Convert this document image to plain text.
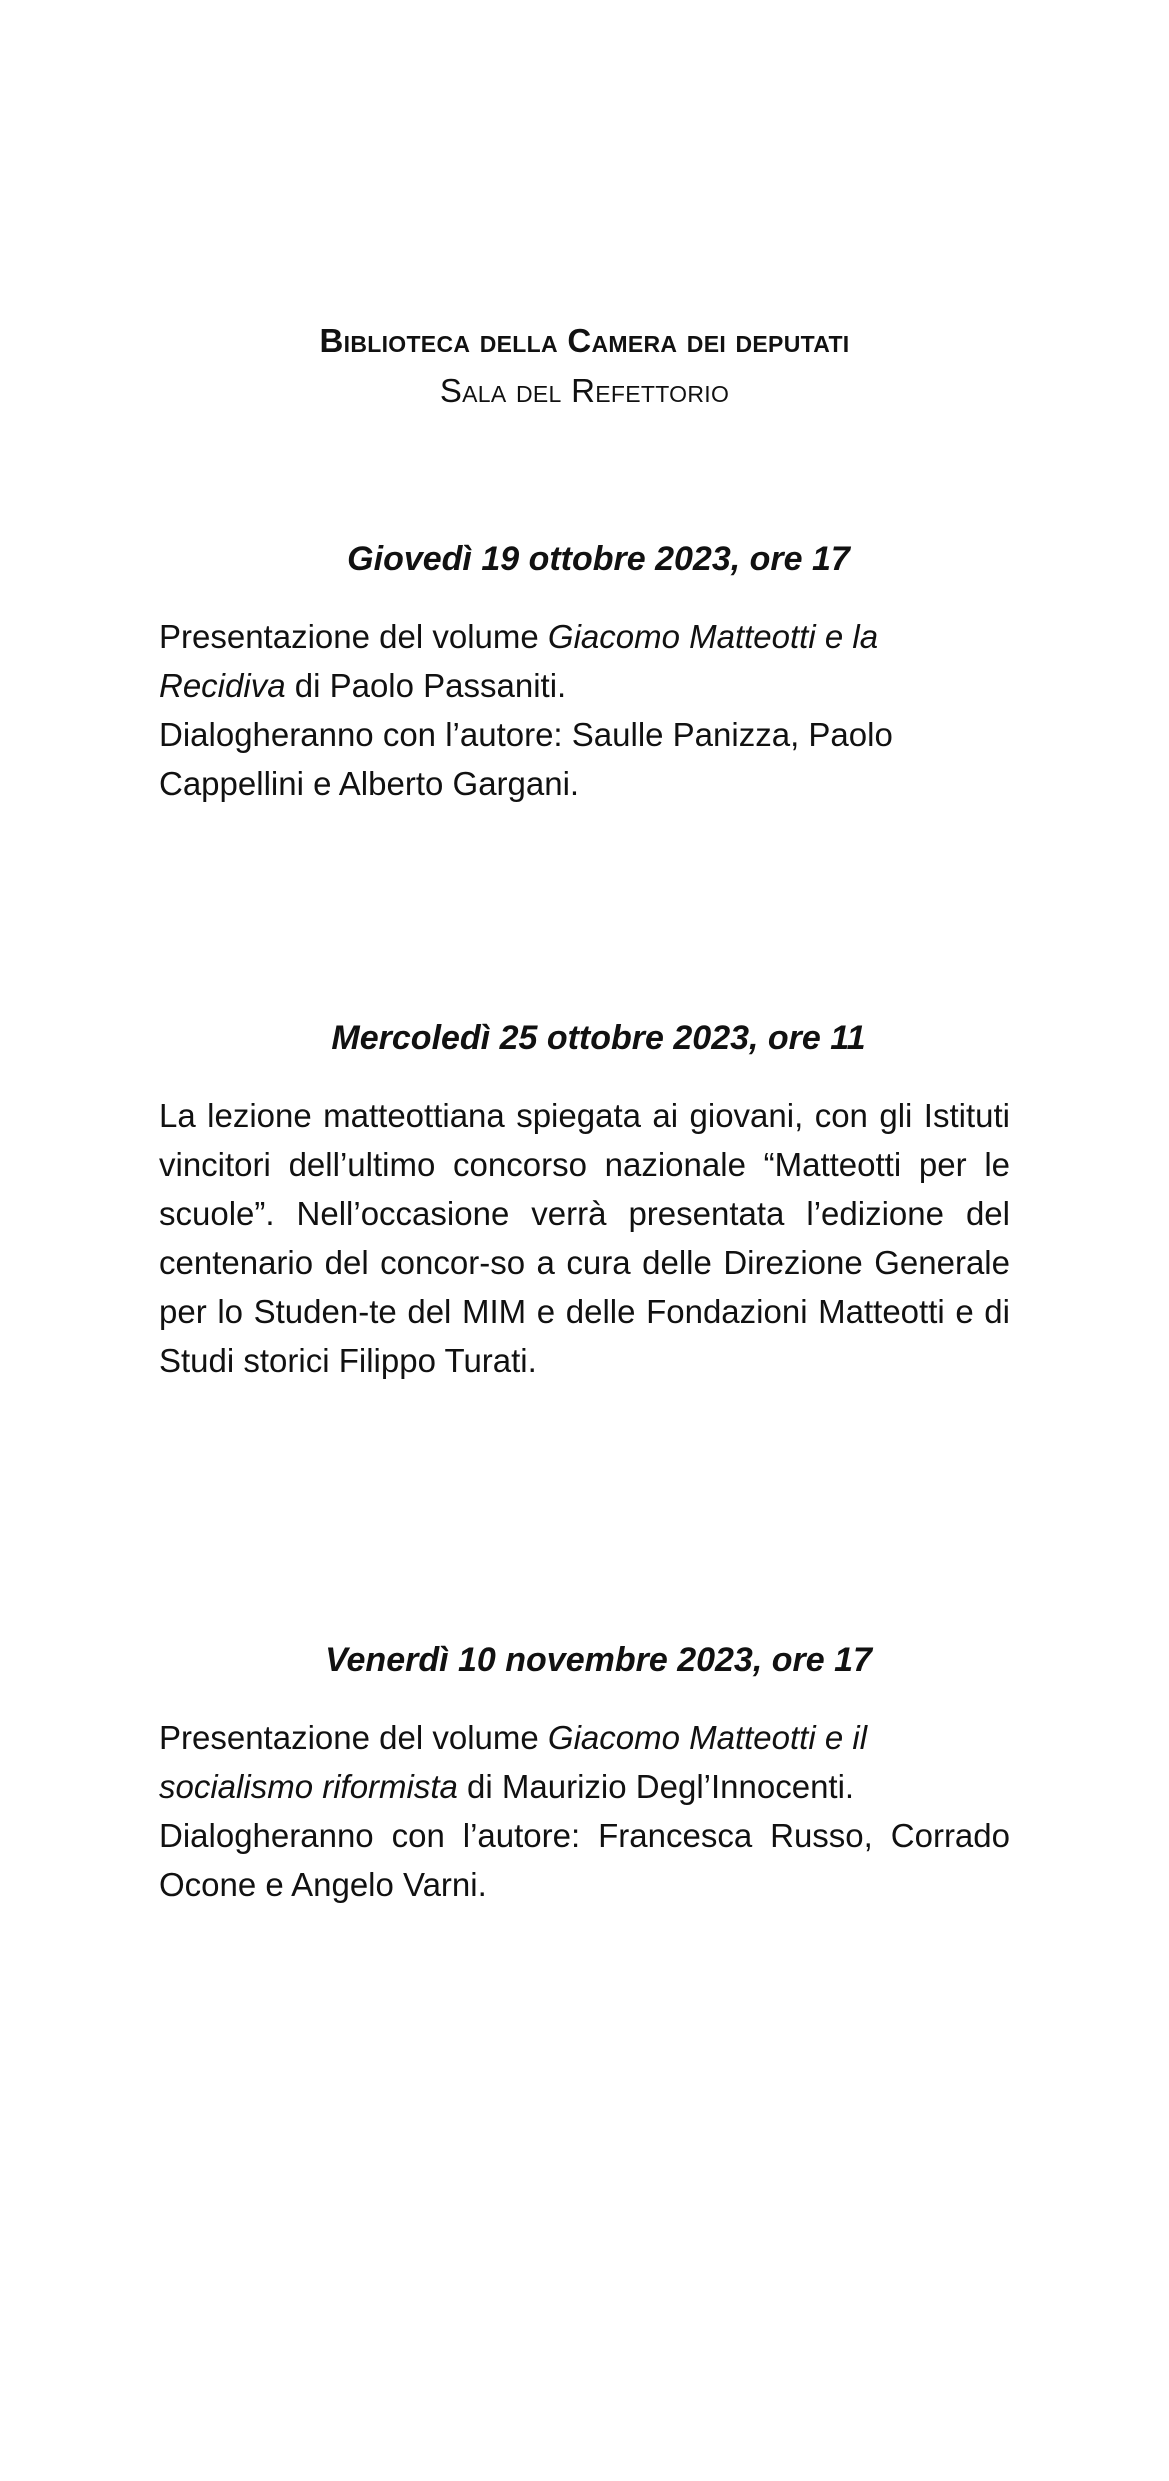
Biblioteca della Camera dei deputati
Sala del Refettorio
Giovedì 19 ottobre 2023, ore 17

Presentazione del volume Giacomo Matteotti e la Recidiva di Paolo Passaniti.

Dialogheranno con l’autore: Saulle Panizza, Paolo Cappellini e Alberto Gargani.

Mercoledì 25 ottobre 2023, ore 11

La lezione matteottiana spiegata ai giovani, con gli Istituti vincitori dell’ultimo concorso nazionale “Matteotti per le scuole”. Nell’occasione verrà presentata l’edizione del centenario del concor-so a cura delle Direzione Generale per lo Studen-te del MIM e delle Fondazioni Matteotti e di Studi storici Filippo Turati.

Venerdì 10 novembre 2023, ore 17

Presentazione del volume Giacomo Matteotti e il socialismo riformista di Maurizio Degl’Innocenti.

Dialogheranno con l’autore: Francesca Russo, Corrado Ocone e Angelo Varni.
